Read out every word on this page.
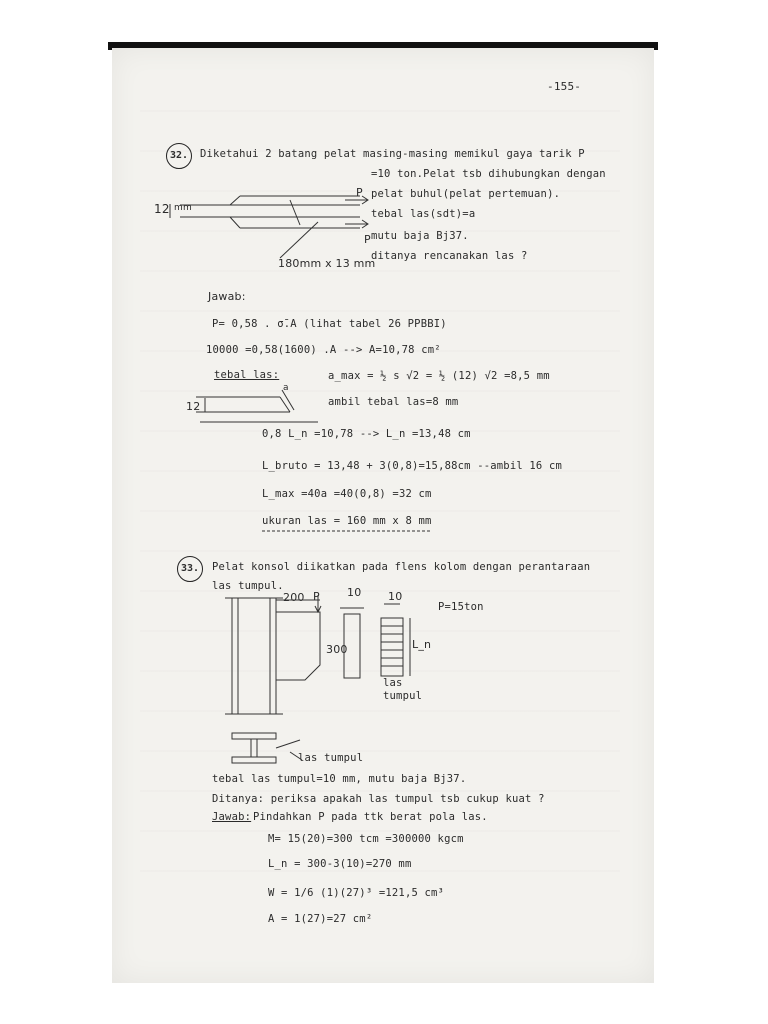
-155-
32.	Diketahui 2 batang pelat masing-masing memikul gaya tarik P
=10 ton.Pelat tsb dihubungkan dengan
pelat buhul(pelat pertemuan).
tebal las(sdt)=a
mutu baja Bj37.
ditanya rencanakan las ?
12 mm
P
P
180mm x 13 mm
Jawab:
P= 0,58 . σ̄.A (lihat tabel 26 PPBBI)
10000 =0,58(1600) .A --> A=10,78 cm²
tebal las:	a_max = ½ s √2 = ½ (12) √2 =8,5 mm
ambil tebal las=8 mm
12
a
0,8 L_n =10,78 --> L_n =13,48 cm
L_bruto = 13,48 + 3(0,8)=15,88cm --ambil 16 cm
L_max =40a =40(0,8) =32 cm
ukuran las = 160 mm x 8 mm
33.	Pelat konsol diikatkan pada flens kolom dengan perantaraan
las tumpul.
200 P 10 10
300	L_n
P=15ton
las
tumpul
las tumpul
tebal las tumpul=10 mm, mutu baja Bj37.
Ditanya: periksa apakah las tumpul tsb cukup kuat ?
Jawab: Pindahkan P pada ttk berat pola las.
M= 15(20)=300 tcm =300000 kgcm
L_n = 300-3(10)=270 mm
W = 1/6 (1)(27)³ =121,5 cm³
A = 1(27)=27 cm²
